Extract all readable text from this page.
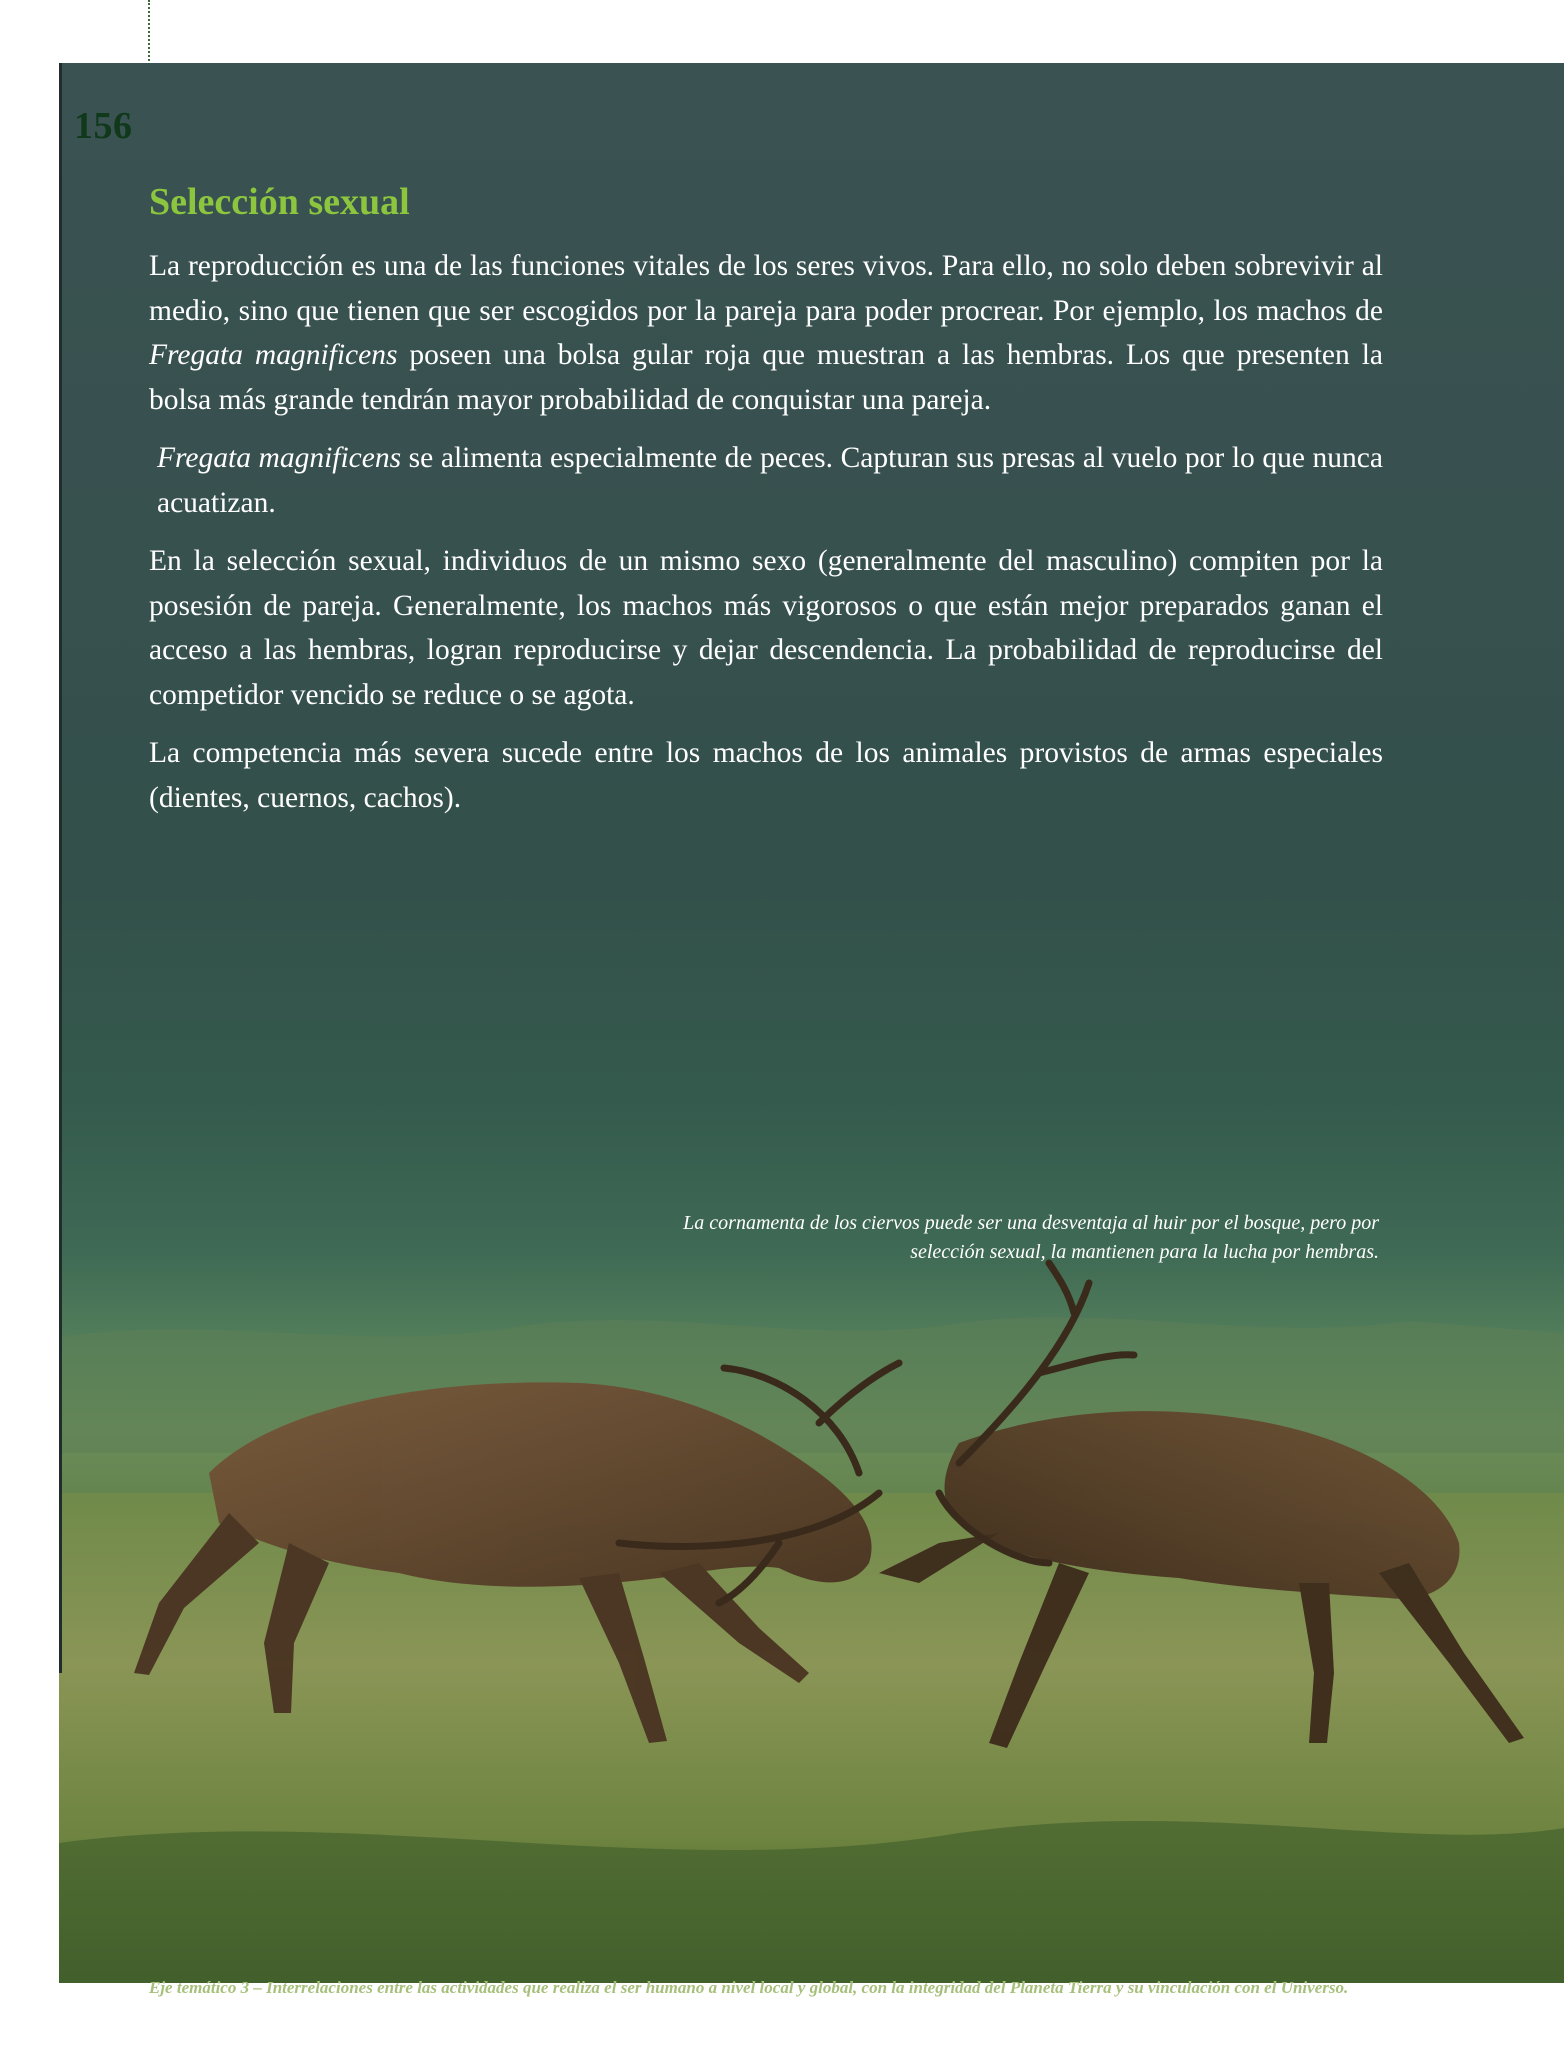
La cornamenta de los ciervos puede ser una desventaja al huir por el bosque, pero por selección sexual, la mantienen para la lucha por hembras.
156
Selección sexual

La reproducción es una de las funciones vitales de los seres vivos. Para ello, no solo deben sobrevivir al medio, sino que tienen que ser escogidos por la pareja para poder procrear. Por ejemplo, los machos de Fregata magnificens poseen una bolsa gular roja que muestran a las hembras. Los que presenten la bolsa más grande tendrán mayor probabilidad de conquistar una pareja.

Fregata magnificens se alimenta especialmente de peces. Capturan sus presas al vuelo por lo que nunca acuatizan.

En la selección sexual, individuos de un mismo sexo (generalmente del masculino) compiten por la posesión de pareja. Generalmente, los machos más vigorosos o que están mejor preparados ganan el acceso a las hembras, logran reproducirse y dejar descendencia. La probabilidad de reproducirse del competidor vencido se reduce o se agota.

La competencia más severa sucede entre los machos de los animales provistos de armas especiales (dientes, cuernos, cachos).

Eje temático 3 – Interrelaciones entre las actividades que realiza el ser humano a nivel local y global, con la integridad del Planeta Tierra y su vinculación con el Universo.
